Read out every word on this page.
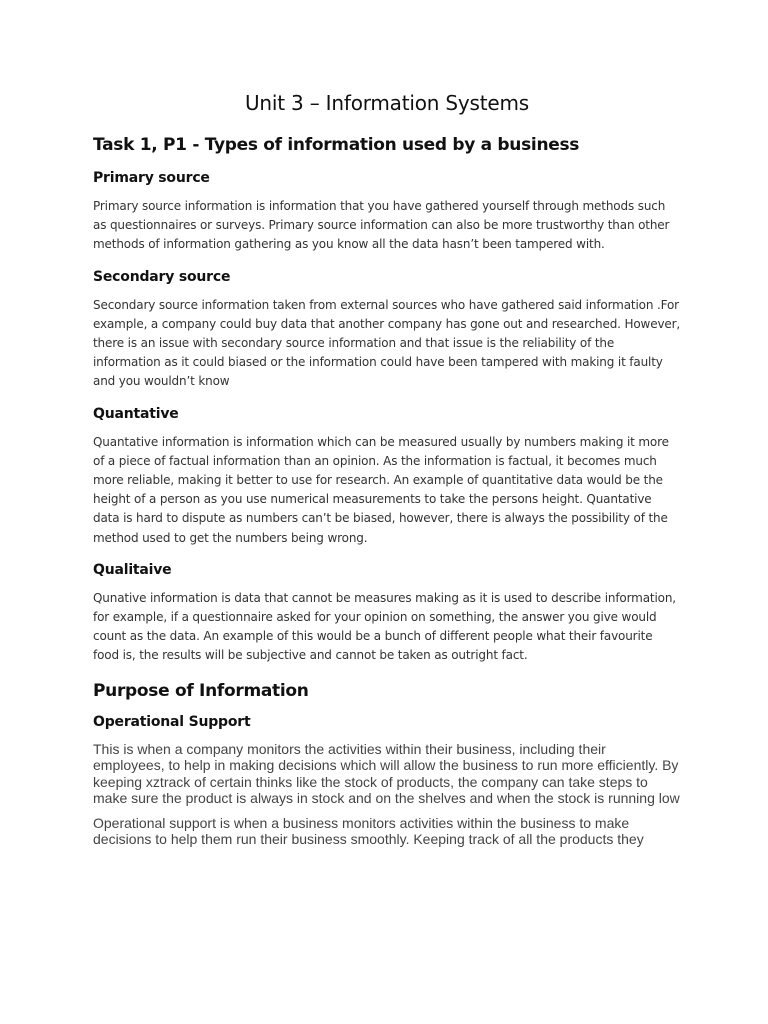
Unit 3 – Information Systems
Task 1, P1 - Types of information used by a business
Primary source

Primary source information is information that you have gathered yourself through methods such as questionnaires or surveys. Primary source information can also be more trustworthy than other methods of information gathering as you know all the data hasn’t been tampered with.

Secondary source

Secondary source information taken from external sources who have gathered said information .For example, a company could buy data that another company has gone out and researched. However, there is an issue with secondary source information and that issue is the reliability of the information as it could biased or the information could have been tampered with making it faulty and you wouldn’t know

Quantative

Quantative information is information which can be measured usually by numbers making it more of a piece of factual information than an opinion. As the information is factual, it becomes much more reliable, making it better to use for research. An example of quantitative data would be the height of a person as you use numerical measurements to take the persons height. Quantative data is hard to dispute as numbers can’t be biased, however, there is always the possibility of the method used to get the numbers being wrong.

Qualitaive

Qunative information is data that cannot be measures making as it is used to describe information, for example, if a questionnaire asked for your opinion on something, the answer you give would count as the data. An example of this would be a bunch of different people what their favourite food is, the results will be subjective and cannot be taken as outright fact.

Purpose of Information
Operational Support

This is when a company monitors the activities within their business, including their employees, to help in making decisions which will allow the business to run more efficiently. By keeping xztrack of certain thinks like the stock of products, the company can take steps to make sure the product is always in stock and on the shelves and when the stock is running low

Operational support is when a business monitors activities within the business to make decisions to help them run their business smoothly. Keeping track of all the products they
